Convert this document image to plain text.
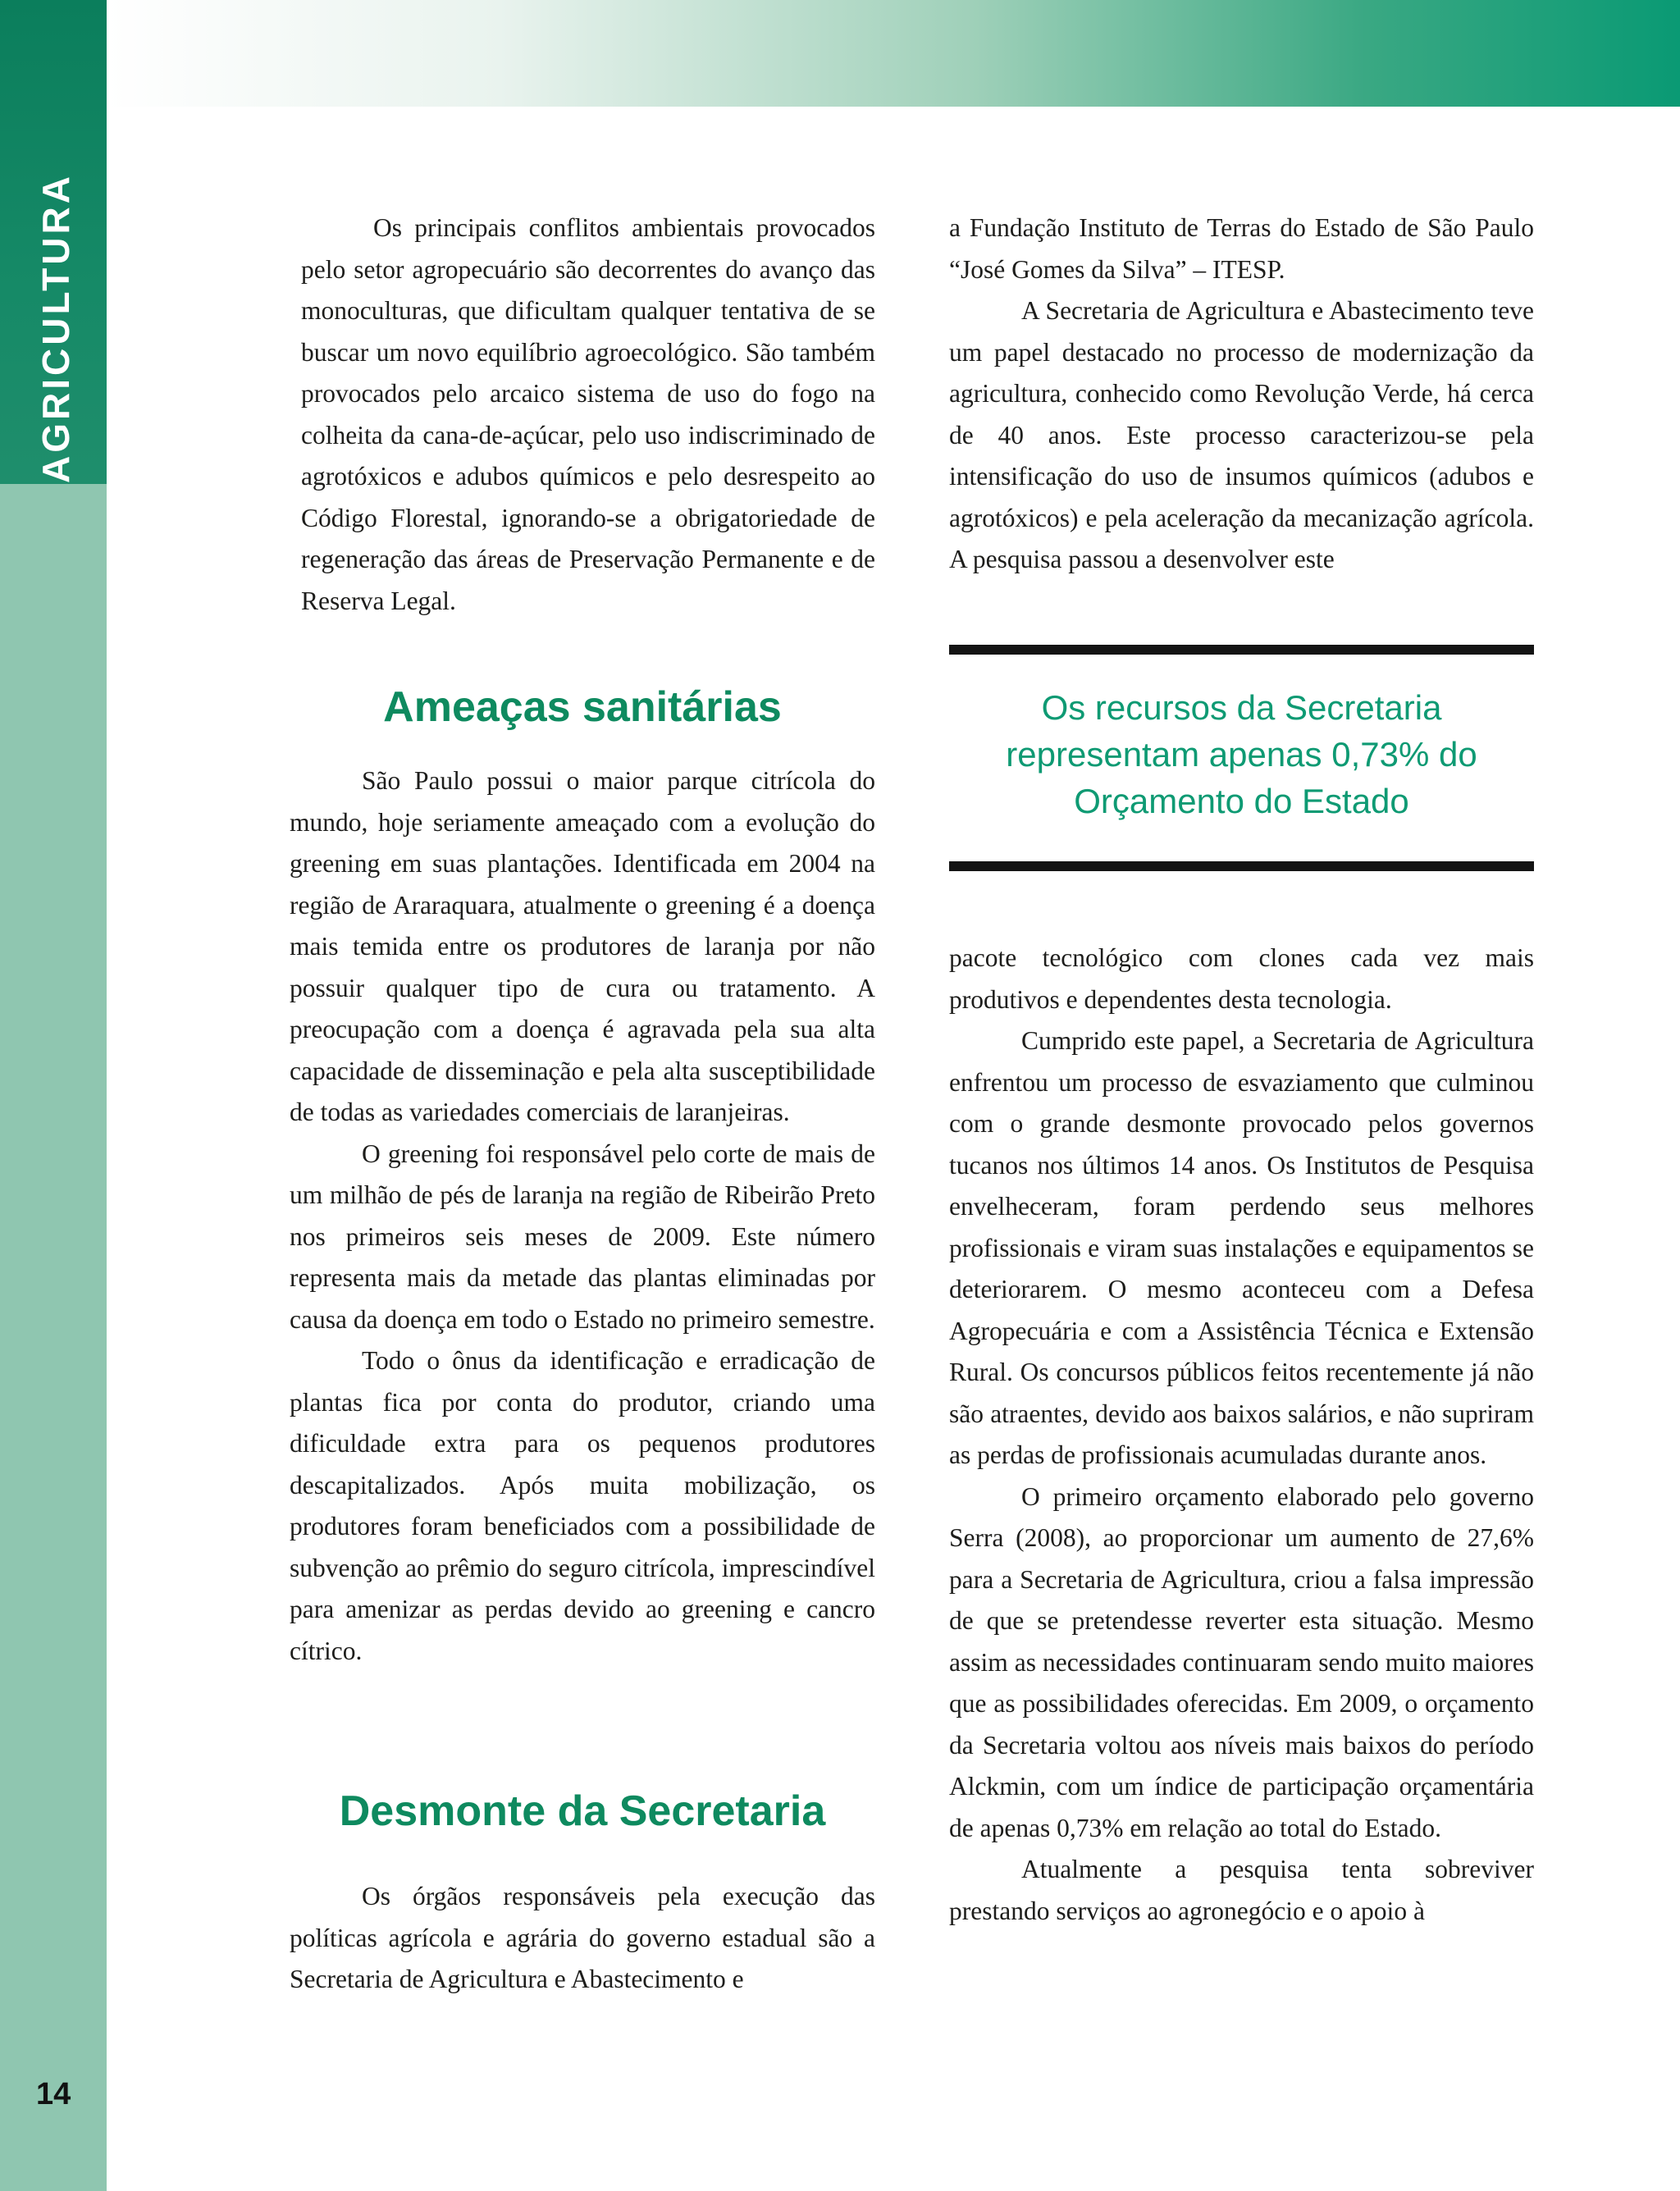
AGRICULTURA
14

Os principais conflitos ambientais provocados pelo setor agropecuário são decorrentes do avanço das monoculturas, que dificultam qualquer tentativa de se buscar um novo equilíbrio agroecológico. São também provocados pelo arcaico sistema de uso do fogo na colheita da cana-de-açúcar, pelo uso indiscriminado de agrotóxicos e adubos químicos e pelo desrespeito ao Código Florestal, ignorando-se a obrigatoriedade de regeneração das áreas de Preservação Permanente e de Reserva Legal.

Ameaças sanitárias

São Paulo possui o maior parque citrícola do mundo, hoje seriamente ameaçado com a evolução do greening em suas plantações. Identificada em 2004 na região de Araraquara, atualmente o greening é a doença mais temida entre os produtores de laranja por não possuir qualquer tipo de cura ou tratamento. A preocupação com a doença é agravada pela sua alta capacidade de disseminação e pela alta susceptibilidade de todas as variedades comerciais de laranjeiras.

O greening foi responsável pelo corte de mais de um milhão de pés de laranja na região de Ribeirão Preto nos primeiros seis meses de 2009. Este número representa mais da metade das plantas eliminadas por causa da doença em todo o Estado no primeiro semestre.

Todo o ônus da identificação e erradicação de plantas fica por conta do produtor, criando uma dificuldade extra para os pequenos produtores descapitalizados. Após muita mobilização, os produtores foram beneficiados com a possibilidade de subvenção ao prêmio do seguro citrícola, imprescindível para amenizar as perdas devido ao greening e cancro cítrico.

Desmonte da Secretaria

Os órgãos responsáveis pela execução das políticas agrícola e agrária do governo estadual são a Secretaria de Agricultura e Abastecimento e

a Fundação Instituto de Terras do Estado de São Paulo “José Gomes da Silva” – ITESP.

A Secretaria de Agricultura e Abastecimento teve um papel destacado no processo de modernização da agricultura, conhecido como Revolução Verde, há cerca de 40 anos. Este processo caracterizou-se pela intensificação do uso de insumos químicos (adubos e agrotóxicos) e pela aceleração da mecanização agrícola. A pesquisa passou a desenvolver este

Os recursos da Secretaria representam apenas 0,73% do Orçamento do Estado

pacote tecnológico com clones cada vez mais produtivos e dependentes desta tecnologia.

Cumprido este papel, a Secretaria de Agricultura enfrentou um processo de esvaziamento que culminou com o grande desmonte provocado pelos governos tucanos nos últimos 14 anos. Os Institutos de Pesquisa envelheceram, foram perdendo seus melhores profissionais e viram suas instalações e equipamentos se deteriorarem. O mesmo aconteceu com a Defesa Agropecuária e com a Assistência Técnica e Extensão Rural. Os concursos públicos feitos recentemente já não são atraentes, devido aos baixos salários, e não supriram as perdas de profissionais acumuladas durante anos.

O primeiro orçamento elaborado pelo governo Serra (2008), ao proporcionar um aumento de 27,6% para a Secretaria de Agricultura, criou a falsa impressão de que se pretendesse reverter esta situação. Mesmo assim as necessidades continuaram sendo muito maiores que as possibilidades oferecidas. Em 2009, o orçamento da Secretaria voltou aos níveis mais baixos do período Alckmin, com um índice de participação orçamentária de apenas 0,73% em relação ao total do Estado.

Atualmente a pesquisa tenta sobreviver prestando serviços ao agronegócio e o apoio à
